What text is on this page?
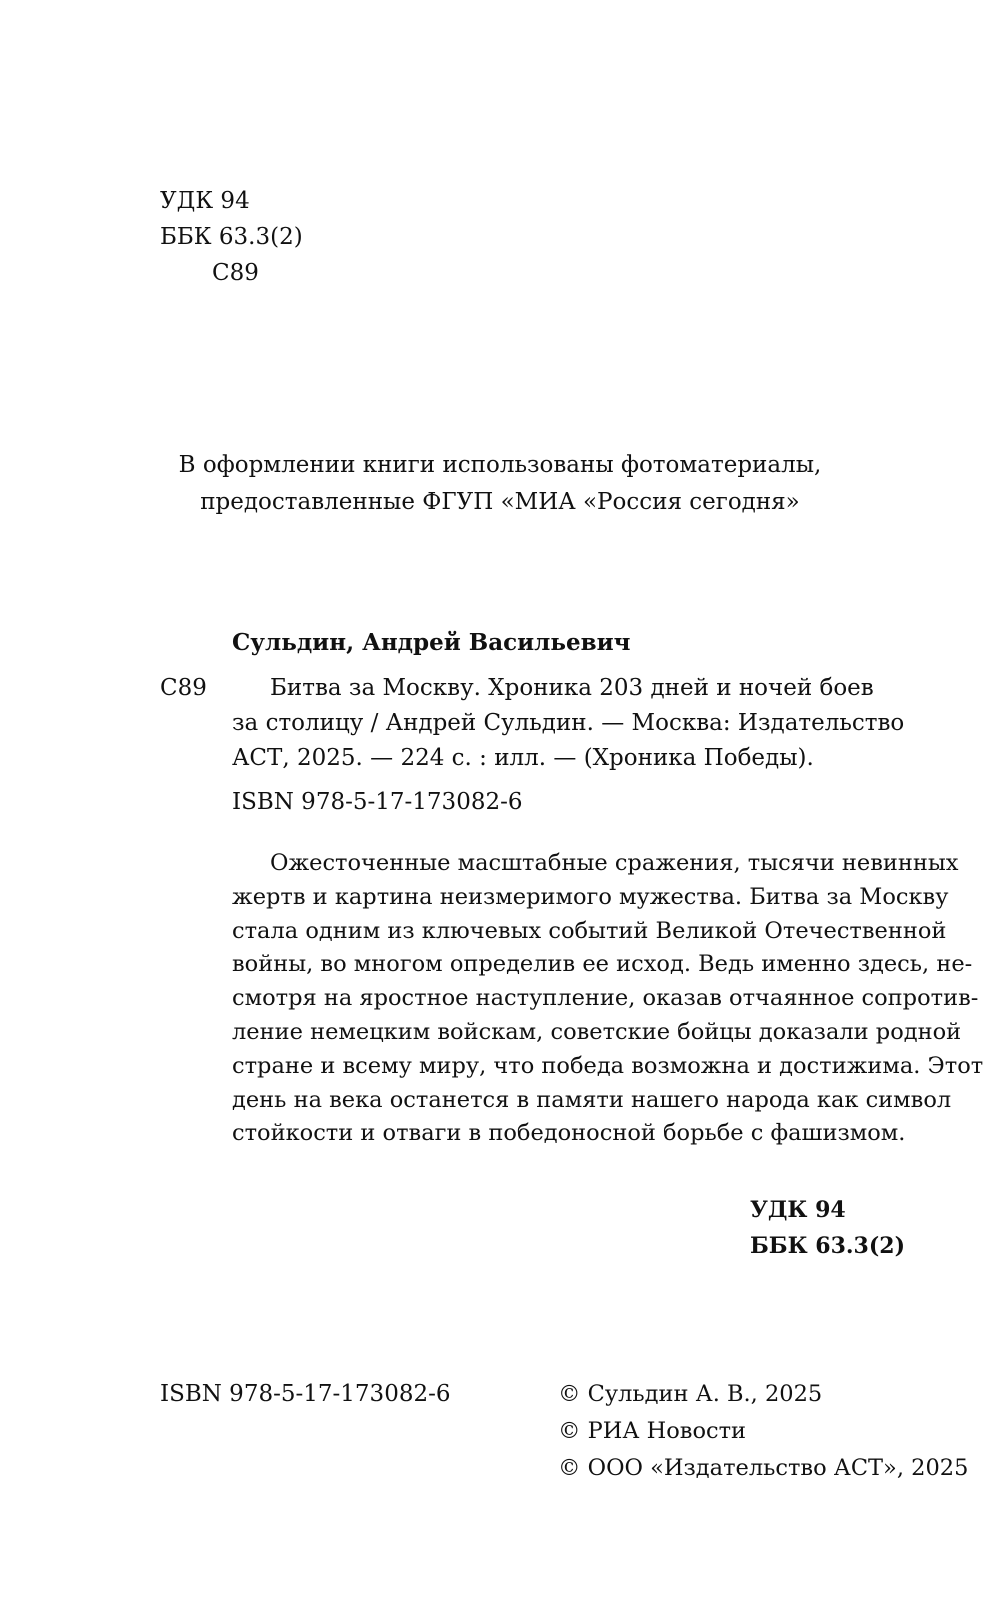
УДК 94

ББК 63.3(2)

С89

В оформлении книги использованы фотоматериалы,
предоставленные ФГУП «МИА «Россия сегодня»

Сульдин, Андрей Васильевич

С89	Битва за Москву. Хроника 203 дней и ночей боев
за столицу / Андрей Сульдин. — Москва: Издательство
АСТ, 2025. — 224 с. : илл. — (Хроника Победы).

ISBN 978-5-17-173082-6

Ожесточенные масштабные сражения, тысячи невинных
жертв и картина неизмеримого мужества. Битва за Москву
стала одним из ключевых событий Великой Отечественной
войны, во многом определив ее исход. Ведь именно здесь, не-
смотря на яростное наступление, оказав отчаянное сопротив-
ление немецким войскам, советские бойцы доказали родной
стране и всему миру, что победа возможна и достижима. Этот
день на века останется в памяти нашего народа как символ
стойкости и отваги в победоносной борьбе с фашизмом.

УДК 94

ББК 63.3(2)

ISBN 978-5-17-173082-6	© Сульдин А. В., 2025
© РИА Новости
© ООО «Издательство АСТ», 2025
